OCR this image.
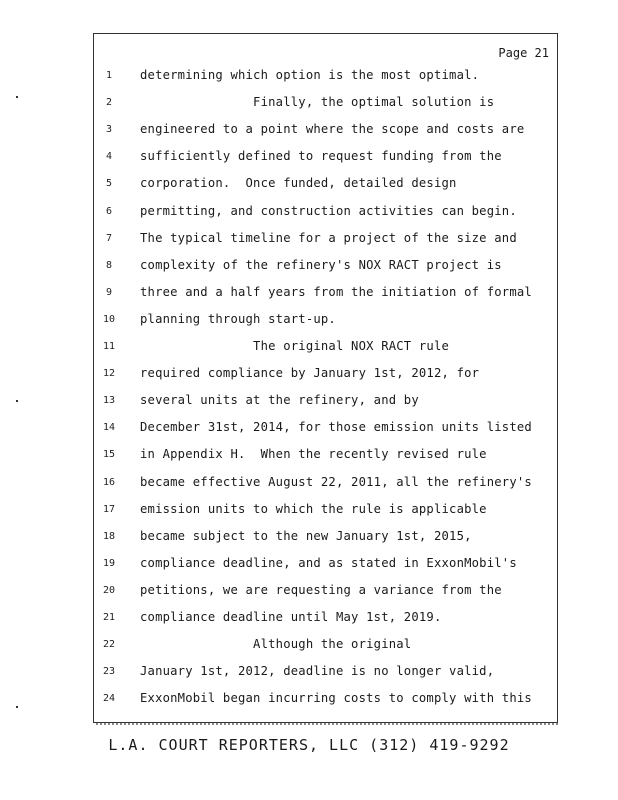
Page 21
1	determining which option is the most optimal.
2	Finally, the optimal solution is
3	engineered to a point where the scope and costs are
4	sufficiently defined to request funding from the
5	corporation.  Once funded, detailed design
6	permitting, and construction activities can begin.
7	The typical timeline for a project of the size and
8	complexity of the refinery's NOX RACT project is
9	three and a half years from the initiation of formal
10	planning through start-up.
11	The original NOX RACT rule
12	required compliance by January 1st, 2012, for
13	several units at the refinery, and by
14	December 31st, 2014, for those emission units listed
15	in Appendix H.  When the recently revised rule
16	became effective August 22, 2011, all the refinery's
17	emission units to which the rule is applicable
18	became subject to the new January 1st, 2015,
19	compliance deadline, and as stated in ExxonMobil's
20	petitions, we are requesting a variance from the
21	compliance deadline until May 1st, 2019.
22	Although the original
23	January 1st, 2012, deadline is no longer valid,
24	ExxonMobil began incurring costs to comply with this
L.A. COURT REPORTERS, LLC (312) 419-9292
